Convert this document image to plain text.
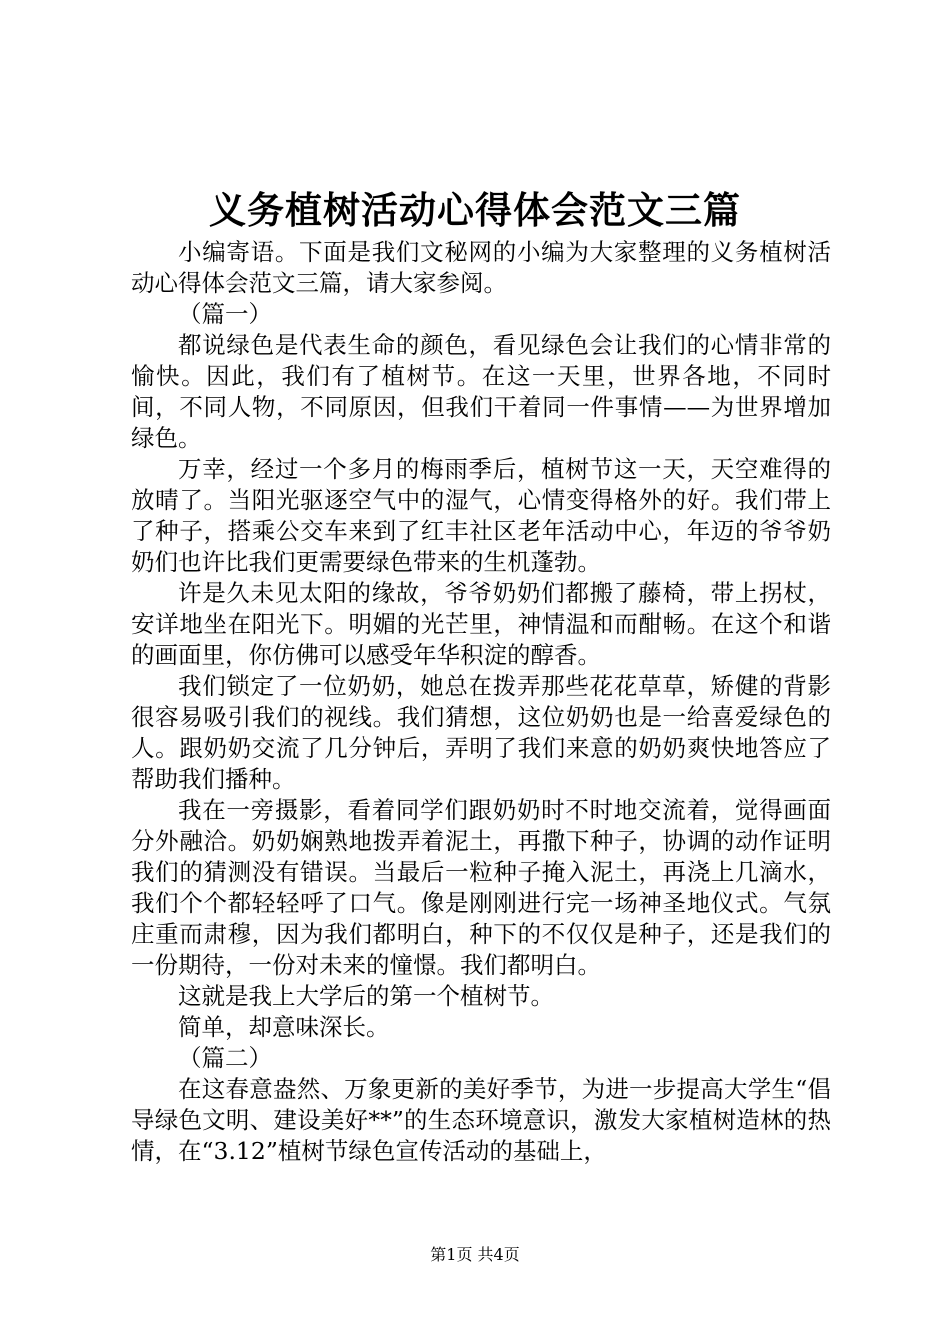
义务植树活动心得体会范文三篇

小编寄语。下面是我们文秘网的小编为大家整理的义务植树活动心得体会范文三篇，请大家参阅。

（篇一）

都说绿色是代表生命的颜色，看见绿色会让我们的心情非常的愉快。因此，我们有了植树节。在这一天里，世界各地，不同时间，不同人物，不同原因，但我们干着同一件事情——为世界增加绿色。

万幸，经过一个多月的梅雨季后，植树节这一天，天空难得的放晴了。当阳光驱逐空气中的湿气，心情变得格外的好。我们带上了种子，搭乘公交车来到了红丰社区老年活动中心，年迈的爷爷奶奶们也许比我们更需要绿色带来的生机蓬勃。

许是久未见太阳的缘故，爷爷奶奶们都搬了藤椅，带上拐杖，安详地坐在阳光下。明媚的光芒里，神情温和而酣畅。在这个和谐的画面里，你仿佛可以感受年华积淀的醇香。

我们锁定了一位奶奶，她总在拨弄那些花花草草，矫健的背影很容易吸引我们的视线。我们猜想，这位奶奶也是一给喜爱绿色的人。跟奶奶交流了几分钟后，弄明了我们来意的奶奶爽快地答应了帮助我们播种。

我在一旁摄影，看着同学们跟奶奶时不时地交流着，觉得画面分外融洽。奶奶娴熟地拨弄着泥土，再撒下种子，协调的动作证明我们的猜测没有错误。当最后一粒种子掩入泥土，再浇上几滴水，我们个个都轻轻呼了口气。像是刚刚进行完一场神圣地仪式。气氛庄重而肃穆，因为我们都明白，种下的不仅仅是种子，还是我们的一份期待，一份对未来的憧憬。我们都明白。

这就是我上大学后的第一个植树节。

简单，却意味深长。

（篇二）

在这春意盎然、万象更新的美好季节，为进一步提高大学生“倡导绿色文明、建设美好**”的生态环境意识，激发大家植树造林的热情，在“3.12”植树节绿色宣传活动的基础上，

第1页 共4页
